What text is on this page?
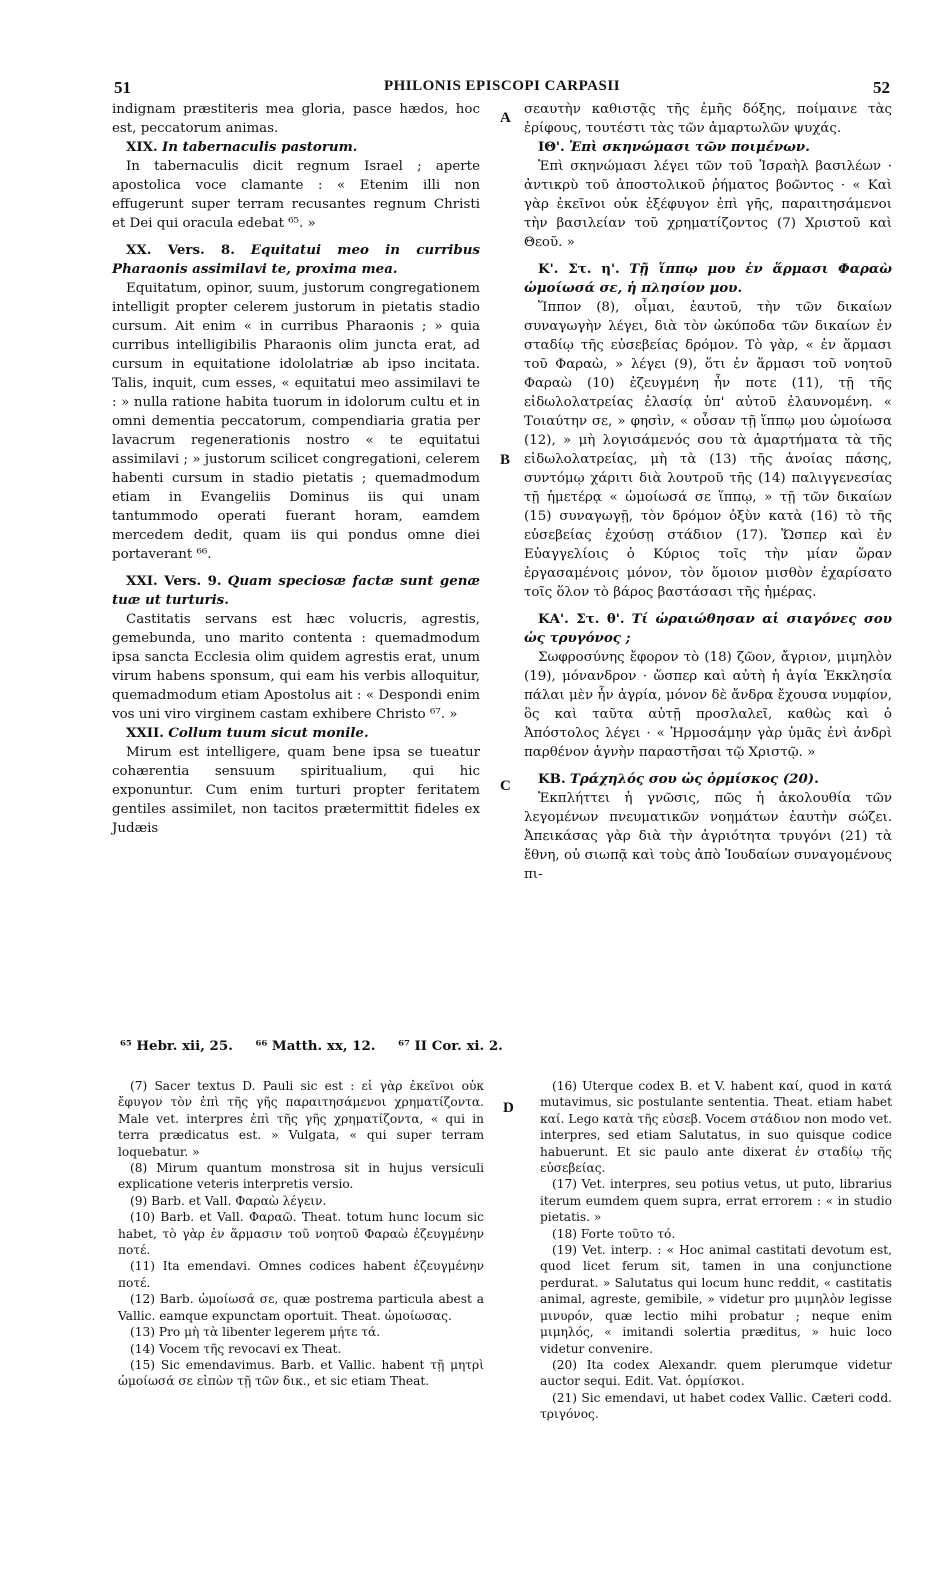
51	PHILONIS EPISCOPI CARPASII	52

indignam præstiteris mea gloria, pasce hædos, hoc est, peccatorum animas.

XIX. In tabernaculis pastorum.

In tabernaculis dicit regnum Israel ; aperte apostolica voce clamante : « Etenim illi non effugerunt super terram recusantes regnum Christi et Dei qui oracula edebat ⁶⁵. »

XX. Vers. 8. Equitatui meo in curribus Pharaonis assimilavi te, proxima mea.

Equitatum, opinor, suum, justorum congregationem intelligit propter celerem justorum in pietatis stadio cursum. Ait enim « in curribus Pharaonis ; » quia curribus intelligibilis Pharaonis olim juncta erat, ad cursum in equitatione idololatriæ ab ipso incitata. Talis, inquit, cum esses, « equitatui meo assimilavi te : » nulla ratione habita tuorum in idolorum cultu et in omni dementia peccatorum, compendiaria gratia per lavacrum regenerationis nostro « te equitatui assimilavi ; » justorum scilicet congregationi, celerem habenti cursum in stadio pietatis ; quemadmodum etiam in Evangeliis Dominus iis qui unam tantummodo operati fuerant horam, eamdem mercedem dedit, quam iis qui pondus omne diei portaverant ⁶⁶.

XXI. Vers. 9. Quam speciosæ factæ sunt genæ tuæ ut turturis.

Castitatis servans est hæc volucris, agrestis, gemebunda, uno marito contenta : quemadmodum ipsa sancta Ecclesia olim quidem agrestis erat, unum virum habens sponsum, qui eam his verbis alloquitur, quemadmodum etiam Apostolus ait : « Despondi enim vos uni viro virginem castam exhibere Christo ⁶⁷. »

XXII. Collum tuum sicut monile.

Mirum est intelligere, quam bene ipsa se tueatur cohærentia sensuum spiritualium, qui hic exponuntur. Cum enim turturi propter feritatem gentiles assimilet, non tacitos prætermittit fideles ex Judæis

σεαυτὴν καθιστᾷς τῆς ἐμῆς δόξης, ποίμαινε τὰς ἐρίφους, τουτέστι τὰς τῶν ἁμαρτωλῶν ψυχάς.

ΙΘ'. Ἐπὶ σκηνώμασι τῶν ποιμένων.

Ἐπὶ σκηνώμασι λέγει τῶν τοῦ Ἰσραὴλ βασιλέων · ἀντικρὺ τοῦ ἀποστολικοῦ ῥήματος βοῶντος · « Καὶ γὰρ ἐκεῖνοι οὐκ ἐξέφυγον ἐπὶ γῆς, παραιτησάμενοι τὴν βασιλείαν τοῦ χρηματίζοντος (7) Χριστοῦ καὶ Θεοῦ. »

Κ'. Στ. η'. Τῇ ἵππῳ μου ἐν ἅρμασι Φαραὼ ὡμοίωσά σε, ἡ πλησίον μου.

Ἵππον (8), οἶμαι, ἑαυτοῦ, τὴν τῶν δικαίων συναγωγὴν λέγει, διὰ τὸν ὠκύποδα τῶν δικαίων ἐν σταδίῳ τῆς εὐσεβείας δρόμον. Τὸ γὰρ, « ἐν ἅρμασι τοῦ Φαραὼ, » λέγει (9), ὅτι ἐν ἅρμασι τοῦ νοητοῦ Φαραὼ (10) ἐζευγμένη ἦν ποτε (11), τῇ τῆς εἰδωλολατρείας ἐλασίᾳ ὑπ' αὐτοῦ ἐλαυνομένη. « Τοιαύτην σε, » φησὶν, « οὖσαν τῇ ἵππῳ μου ὡμοίωσα (12), » μὴ λογισάμενός σου τὰ ἁμαρτήματα τὰ τῆς εἰδωλολατρείας, μὴ τὰ (13) τῆς ἀνοίας πάσης, συντόμῳ χάριτι διὰ λουτροῦ τῆς (14) παλιγγενεσίας τῇ ἡμετέρᾳ « ὡμοίωσά σε ἵππῳ, » τῇ τῶν δικαίων (15) συναγωγῇ, τὸν δρόμον ὀξὺν κατὰ (16) τὸ τῆς εὐσεβείας ἐχούσῃ στάδιον (17). Ὥσπερ καὶ ἐν Εὐαγγελίοις ὁ Κύριος τοῖς τὴν μίαν ὥραν ἐργασαμένοις μόνον, τὸν ὅμοιον μισθὸν ἐχαρίσατο τοῖς ὅλον τὸ βάρος βαστάσασι τῆς ἡμέρας.

ΚΑ'. Στ. θ'. Τί ὡραιώθησαν αἱ σιαγόνες σου ὡς τρυγόνος ;

Σωφροσύνης ἔφορον τὸ (18) ζῶον, ἄγριον, μιμηλὸν (19), μόνανδρον · ὥσπερ καὶ αὐτὴ ἡ ἁγία Ἐκκλησία πάλαι μὲν ἦν ἀγρία, μόνον δὲ ἄνδρα ἔχουσα νυμφίον, ὃς καὶ ταῦτα αὐτῇ προσλαλεῖ, καθὼς καὶ ὁ Ἀπόστολος λέγει · « Ἡρμοσάμην γὰρ ὑμᾶς ἑνὶ ἀνδρὶ παρθένον ἁγνὴν παραστῆσαι τῷ Χριστῷ. »

ΚΒ. Τράχηλός σου ὡς ὁρμίσκος (20).

Ἐκπλήττει ἡ γνῶσις, πῶς ἡ ἀκολουθία τῶν λεγομένων πνευματικῶν νοημάτων ἑαυτὴν σώζει. Ἀπεικάσας γὰρ διὰ τὴν ἀγριότητα τρυγόνι (21) τὰ ἔθνη, οὐ σιωπᾷ καὶ τοὺς ἀπὸ Ἰουδαίων συναγομένους πι-

A
B
C
D
⁶⁵ Hebr. xii, 25. ⁶⁶ Matth. xx, 12. ⁶⁷ II Cor. xi. 2.

(7) Sacer textus D. Pauli sic est : εἰ γὰρ ἐκεῖνοι οὐκ ἔφυγον τὸν ἐπὶ τῆς γῆς παραιτησάμενοι χρηματίζοντα. Male vet. interpres ἐπὶ τῆς γῆς χρηματίζοντα, « qui in terra prædicatus est. » Vulgata, « qui super terram loquebatur. »

(8) Mirum quantum monstrosa sit in hujus versiculi explicatione veteris interpretis versio.

(9) Barb. et Vall. Φαραὼ λέγειν.

(10) Barb. et Vall. Φαραῶ. Theat. totum hunc locum sic habet, τὸ γὰρ ἐν ἅρμασιν τοῦ νοητοῦ Φαραὼ ἐζευγμένην ποτέ.

(11) Ita emendavi. Omnes codices habent ἐζευγμένην ποτέ.

(12) Barb. ὡμοίωσά σε, quæ postrema particula abest a Vallic. eamque expunctam oportuit. Theat. ὡμοίωσας.

(13) Pro μὴ τὰ libenter legerem μήτε τά.

(14) Vocem τῆς revocavi ex Theat.

(15) Sic emendavimus. Barb. et Vallic. habent τῇ μητρὶ ὡμοίωσά σε εἰπὼν τῇ τῶν δικ., et sic etiam Theat.

(16) Uterque codex B. et V. habent καί, quod in κατά mutavimus, sic postulante sententia. Theat. etiam habet καί. Lego κατὰ τῆς εὐσεβ. Vocem στάδιον non modo vet. interpres, sed etiam Salutatus, in suo quisque codice habuerunt. Et sic paulo ante dixerat ἐν σταδίῳ τῆς εὐσεβείας.

(17) Vet. interpres, seu potius vetus, ut puto, librarius iterum eumdem quem supra, errat errorem : « in studio pietatis. »

(18) Forte τοῦτο τό.

(19) Vet. interp. : « Hoc animal castitati devotum est, quod licet ferum sit, tamen in una conjunctione perdurat. » Salutatus qui locum hunc reddit, « castitatis animal, agreste, gemibile, » videtur pro μιμηλὸν legisse μινυρόν, quæ lectio mihi probatur ; neque enim μιμηλός, « imitandi solertia præditus, » huic loco videtur convenire.

(20) Ita codex Alexandr. quem plerumque videtur auctor sequi. Edit. Vat. ὁρμίσκοι.

(21) Sic emendavi, ut habet codex Vallic. Cæteri codd. τριγόνος.
